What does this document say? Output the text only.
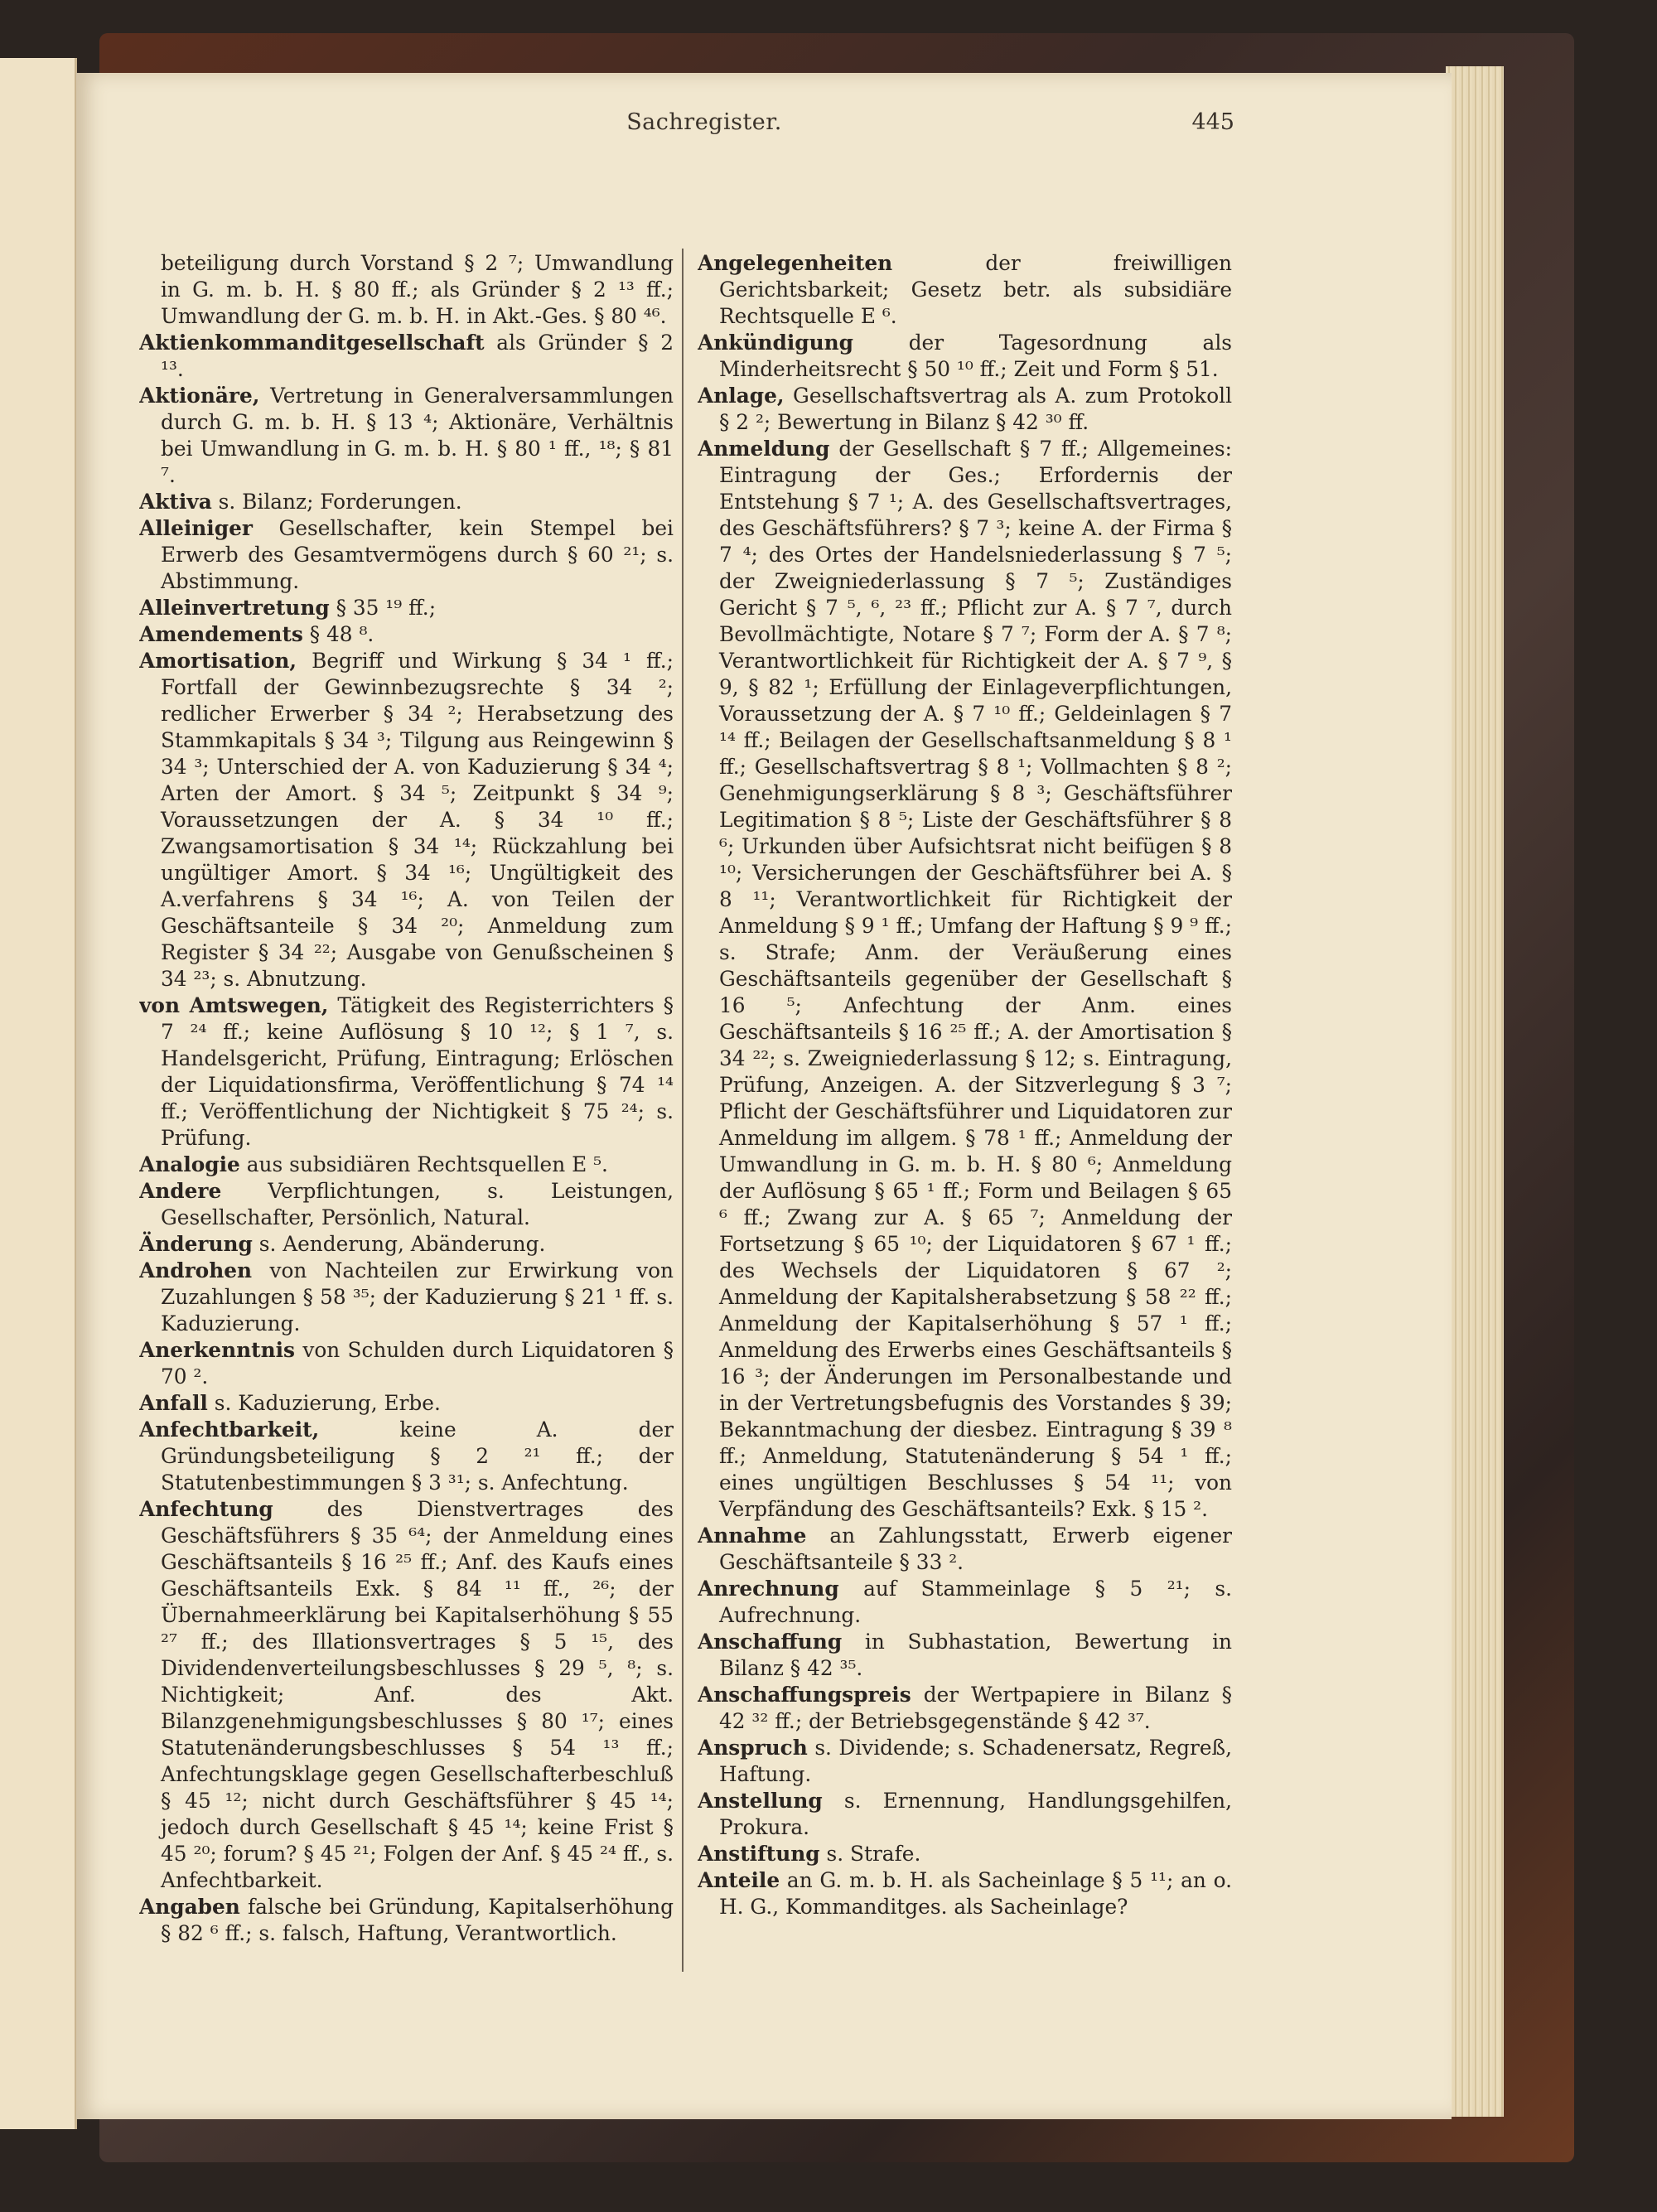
Sachregister.	445

beteiligung durch Vorstand § 2 ⁷; Umwandlung in G. m. b. H. § 80 ff.; als Gründer § 2 ¹³ ff.; Umwandlung der G. m. b. H. in Akt.-Ges. § 80 ⁴⁶.

Aktienkommanditgesellschaft als Gründer § 2 ¹³.

Aktionäre, Vertretung in Generalversammlungen durch G. m. b. H. § 13 ⁴; Aktionäre, Verhältnis bei Umwandlung in G. m. b. H. § 80 ¹ ff., ¹⁸; § 81 ⁷.

Aktiva s. Bilanz; Forderungen.

Alleiniger Gesellschafter, kein Stempel bei Erwerb des Gesamtvermögens durch § 60 ²¹; s. Abstimmung.

Alleinvertretung § 35 ¹⁹ ff.;

Amendements § 48 ⁸.

Amortisation, Begriff und Wirkung § 34 ¹ ff.; Fortfall der Gewinnbezugsrechte § 34 ²; redlicher Erwerber § 34 ²; Herabsetzung des Stammkapitals § 34 ³; Tilgung aus Reingewinn § 34 ³; Unterschied der A. von Kaduzierung § 34 ⁴; Arten der Amort. § 34 ⁵; Zeitpunkt § 34 ⁹; Voraussetzungen der A. § 34 ¹⁰ ff.; Zwangsamortisation § 34 ¹⁴; Rückzahlung bei ungültiger Amort. § 34 ¹⁶; Ungültigkeit des A.verfahrens § 34 ¹⁶; A. von Teilen der Geschäftsanteile § 34 ²⁰; Anmeldung zum Register § 34 ²²; Ausgabe von Genußscheinen § 34 ²³; s. Abnutzung.

von Amtswegen, Tätigkeit des Registerrichters § 7 ²⁴ ff.; keine Auflösung § 10 ¹²; § 1 ⁷, s. Handelsgericht, Prüfung, Eintragung; Erlöschen der Liquidationsfirma, Veröffentlichung § 74 ¹⁴ ff.; Veröffentlichung der Nichtigkeit § 75 ²⁴; s. Prüfung.

Analogie aus subsidiären Rechtsquellen E ⁵.

Andere Verpflichtungen, s. Leistungen, Gesellschafter, Persönlich, Natural.

Änderung s. Aenderung, Abänderung.

Androhen von Nachteilen zur Erwirkung von Zuzahlungen § 58 ³⁵; der Kaduzierung § 21 ¹ ff. s. Kaduzierung.

Anerkenntnis von Schulden durch Liquidatoren § 70 ².

Anfall s. Kaduzierung, Erbe.

Anfechtbarkeit,	keine A. der Gründungsbeteiligung § 2 ²¹ ff.; der Statutenbestimmungen § 3 ³¹; s. Anfechtung.

Anfechtung	des Dienstvertrages des Geschäftsführers § 35 ⁶⁴; der Anmeldung eines Geschäftsanteils § 16 ²⁵ ff.; Anf. des Kaufs eines Geschäftsanteils Exk. § 84 ¹¹ ff., ²⁶; der Übernahmeerklärung bei Kapitalserhöhung § 55 ²⁷ ff.; des Illationsvertrages § 5 ¹⁵, des Dividendenverteilungsbeschlusses § 29 ⁵, ⁸; s. Nichtigkeit; Anf. des Akt. Bilanzgenehmigungsbeschlusses § 80 ¹⁷; eines Statutenänderungsbeschlusses § 54 ¹³ ff.; Anfechtungsklage gegen Gesellschafterbeschluß § 45 ¹²; nicht durch Geschäftsführer § 45 ¹⁴; jedoch durch Gesellschaft § 45 ¹⁴; keine Frist § 45 ²⁰; forum? § 45 ²¹; Folgen der Anf. § 45 ²⁴ ff., s. Anfechtbarkeit.

Angaben falsche bei Gründung, Kapitalserhöhung § 82 ⁶ ff.; s. falsch, Haftung, Verantwortlich.

Angelegenheiten	der freiwilligen Gerichtsbarkeit; Gesetz betr. als subsidiäre Rechtsquelle E ⁶.

Ankündigung	der Tagesordnung als Minderheitsrecht § 50 ¹⁰ ff.; Zeit und Form § 51.

Anlage, Gesellschaftsvertrag als A. zum Protokoll § 2 ²; Bewertung in Bilanz § 42 ³⁰ ff.

Anmeldung der Gesellschaft § 7 ff.; Allgemeines: Eintragung der Ges.; Erfordernis der Entstehung § 7 ¹; A. des Gesellschaftsvertrages, des Geschäftsführers? § 7 ³; keine A. der Firma § 7 ⁴; des Ortes der Handelsniederlassung § 7 ⁵; der Zweigniederlassung § 7 ⁵; Zuständiges Gericht § 7 ⁵, ⁶, ²³ ff.; Pflicht zur A. § 7 ⁷, durch Bevollmächtigte, Notare § 7 ⁷; Form der A. § 7 ⁸; Verantwortlichkeit für Richtigkeit der A. § 7 ⁹, § 9, § 82 ¹; Erfüllung der Einlageverpflichtungen, Voraussetzung der A. § 7 ¹⁰ ff.; Geldeinlagen § 7 ¹⁴ ff.; Beilagen der Gesellschaftsanmeldung § 8 ¹ ff.; Gesellschaftsvertrag § 8 ¹; Vollmachten § 8 ²; Genehmigungserklärung § 8 ³; Geschäftsführer Legitimation § 8 ⁵; Liste der Geschäftsführer § 8 ⁶; Urkunden über Aufsichtsrat nicht beifügen § 8 ¹⁰; Versicherungen der Geschäftsführer bei A. § 8 ¹¹; Verantwortlichkeit für Richtigkeit der Anmeldung § 9 ¹ ff.; Umfang der Haftung § 9 ⁹ ff.; s. Strafe; Anm. der Veräußerung eines Geschäftsanteils gegenüber der Gesellschaft § 16 ⁵; Anfechtung der Anm. eines Geschäftsanteils § 16 ²⁵ ff.; A. der Amortisation § 34 ²²; s. Zweigniederlassung § 12; s. Eintragung, Prüfung, Anzeigen. A. der Sitzverlegung § 3 ⁷; Pflicht der Geschäftsführer und Liquidatoren zur Anmeldung im allgem. § 78 ¹ ff.; Anmeldung der Umwandlung in G. m. b. H. § 80 ⁶; Anmeldung der Auflösung § 65 ¹ ff.; Form und Beilagen § 65 ⁶ ff.; Zwang zur A. § 65 ⁷; Anmeldung der Fortsetzung § 65 ¹⁰; der Liquidatoren § 67 ¹ ff.; des Wechsels der Liquidatoren § 67 ²; Anmeldung der Kapitalsherabsetzung § 58 ²² ff.; Anmeldung der Kapitalserhöhung § 57 ¹ ff.; Anmeldung des Erwerbs eines Geschäftsanteils § 16 ³; der Änderungen im Personalbestande und in der Vertretungsbefugnis des Vorstandes § 39; Bekanntmachung der diesbez. Eintragung § 39 ⁸ ff.; Anmeldung, Statutenänderung § 54 ¹ ff.; eines ungültigen Beschlusses § 54 ¹¹; von Verpfändung des Geschäftsanteils? Exk. § 15 ².

Annahme an Zahlungsstatt, Erwerb eigener Geschäftsanteile § 33 ².

Anrechnung auf Stammeinlage § 5 ²¹; s. Aufrechnung.

Anschaffung in Subhastation, Bewertung in Bilanz § 42 ³⁵.

Anschaffungspreis der Wertpapiere in Bilanz § 42 ³² ff.; der Betriebsgegenstände § 42 ³⁷.

Anspruch s. Dividende; s. Schadenersatz, Regreß, Haftung.

Anstellung s. Ernennung, Handlungsgehilfen, Prokura.

Anstiftung s. Strafe.

Anteile an G. m. b. H. als Sacheinlage § 5 ¹¹; an o. H. G., Kommanditges. als Sacheinlage?
